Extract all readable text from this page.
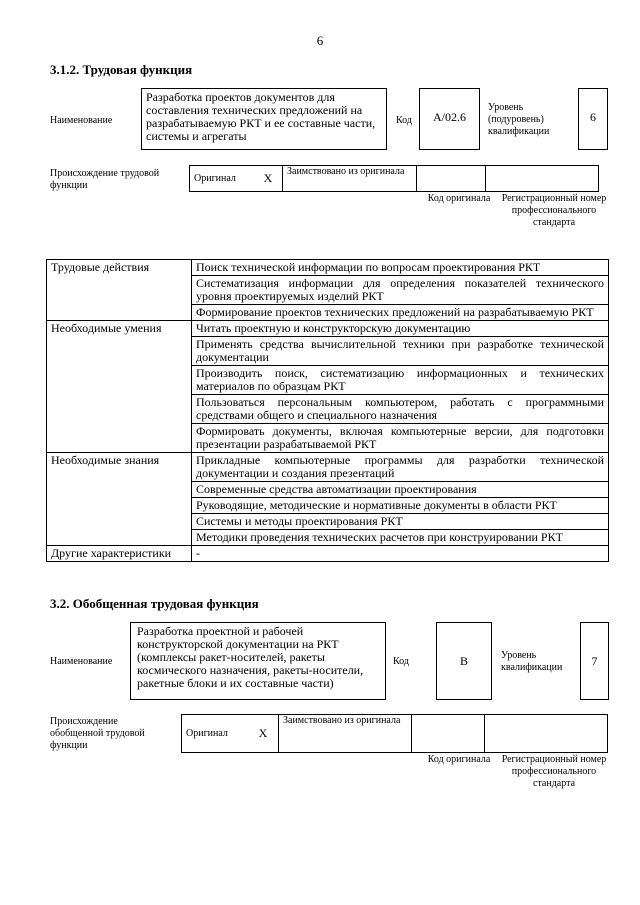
6
3.1.2. Трудовая функция
Наименование
Разработка проектов документов для составления технических предложений на разрабатываемую РКТ и ее составные части, системы и агрегаты
Код	A/02.6
Уровень (подуровень) квалификации
6
Происхождение трудовой функции
Оригинал	X	Заимствовано из оригинала		
Код оригинала	Регистрационный номер профессионального стандарта
Трудовые действия	Поиск технической информации по вопросам проектирования РКТ
	Систематизация информации для определения показателей технического уровня проектируемых изделий РКТ
	Формирование проектов технических предложений на разрабатываемую РКТ
Необходимые умения	Читать проектную и конструкторскую документацию
	Применять средства вычислительной техники при разработке технической документации
	Производить поиск, систематизацию информационных и технических материалов по образцам РКТ
	Пользоваться персональным компьютером, работать с программными средствами общего и специального назначения
	Формировать документы, включая компьютерные версии, для подготовки презентации разрабатываемой РКТ
Необходимые знания	Прикладные компьютерные программы для разработки технической документации и создания презентаций
	Современные средства автоматизации проектирования
	Руководящие, методические и нормативные документы в области РКТ
	Системы и методы проектирования РКТ
	Методики проведения технических расчетов при конструировании РКТ
Другие характеристики	-
3.2. Обобщенная трудовая функция
Наименование
Разработка проектной и рабочей конструкторской документации на РКТ (комплексы ракет-носителей, ракеты космического назначения, ракеты-носители, ракетные блоки и их составные части)
Код	B	Уровень квалификации	7
Происхождение обобщенной трудовой функции
Оригинал	X	Заимствовано из оригинала		
Код оригинала	Регистрационный номер профессионального стандарта
